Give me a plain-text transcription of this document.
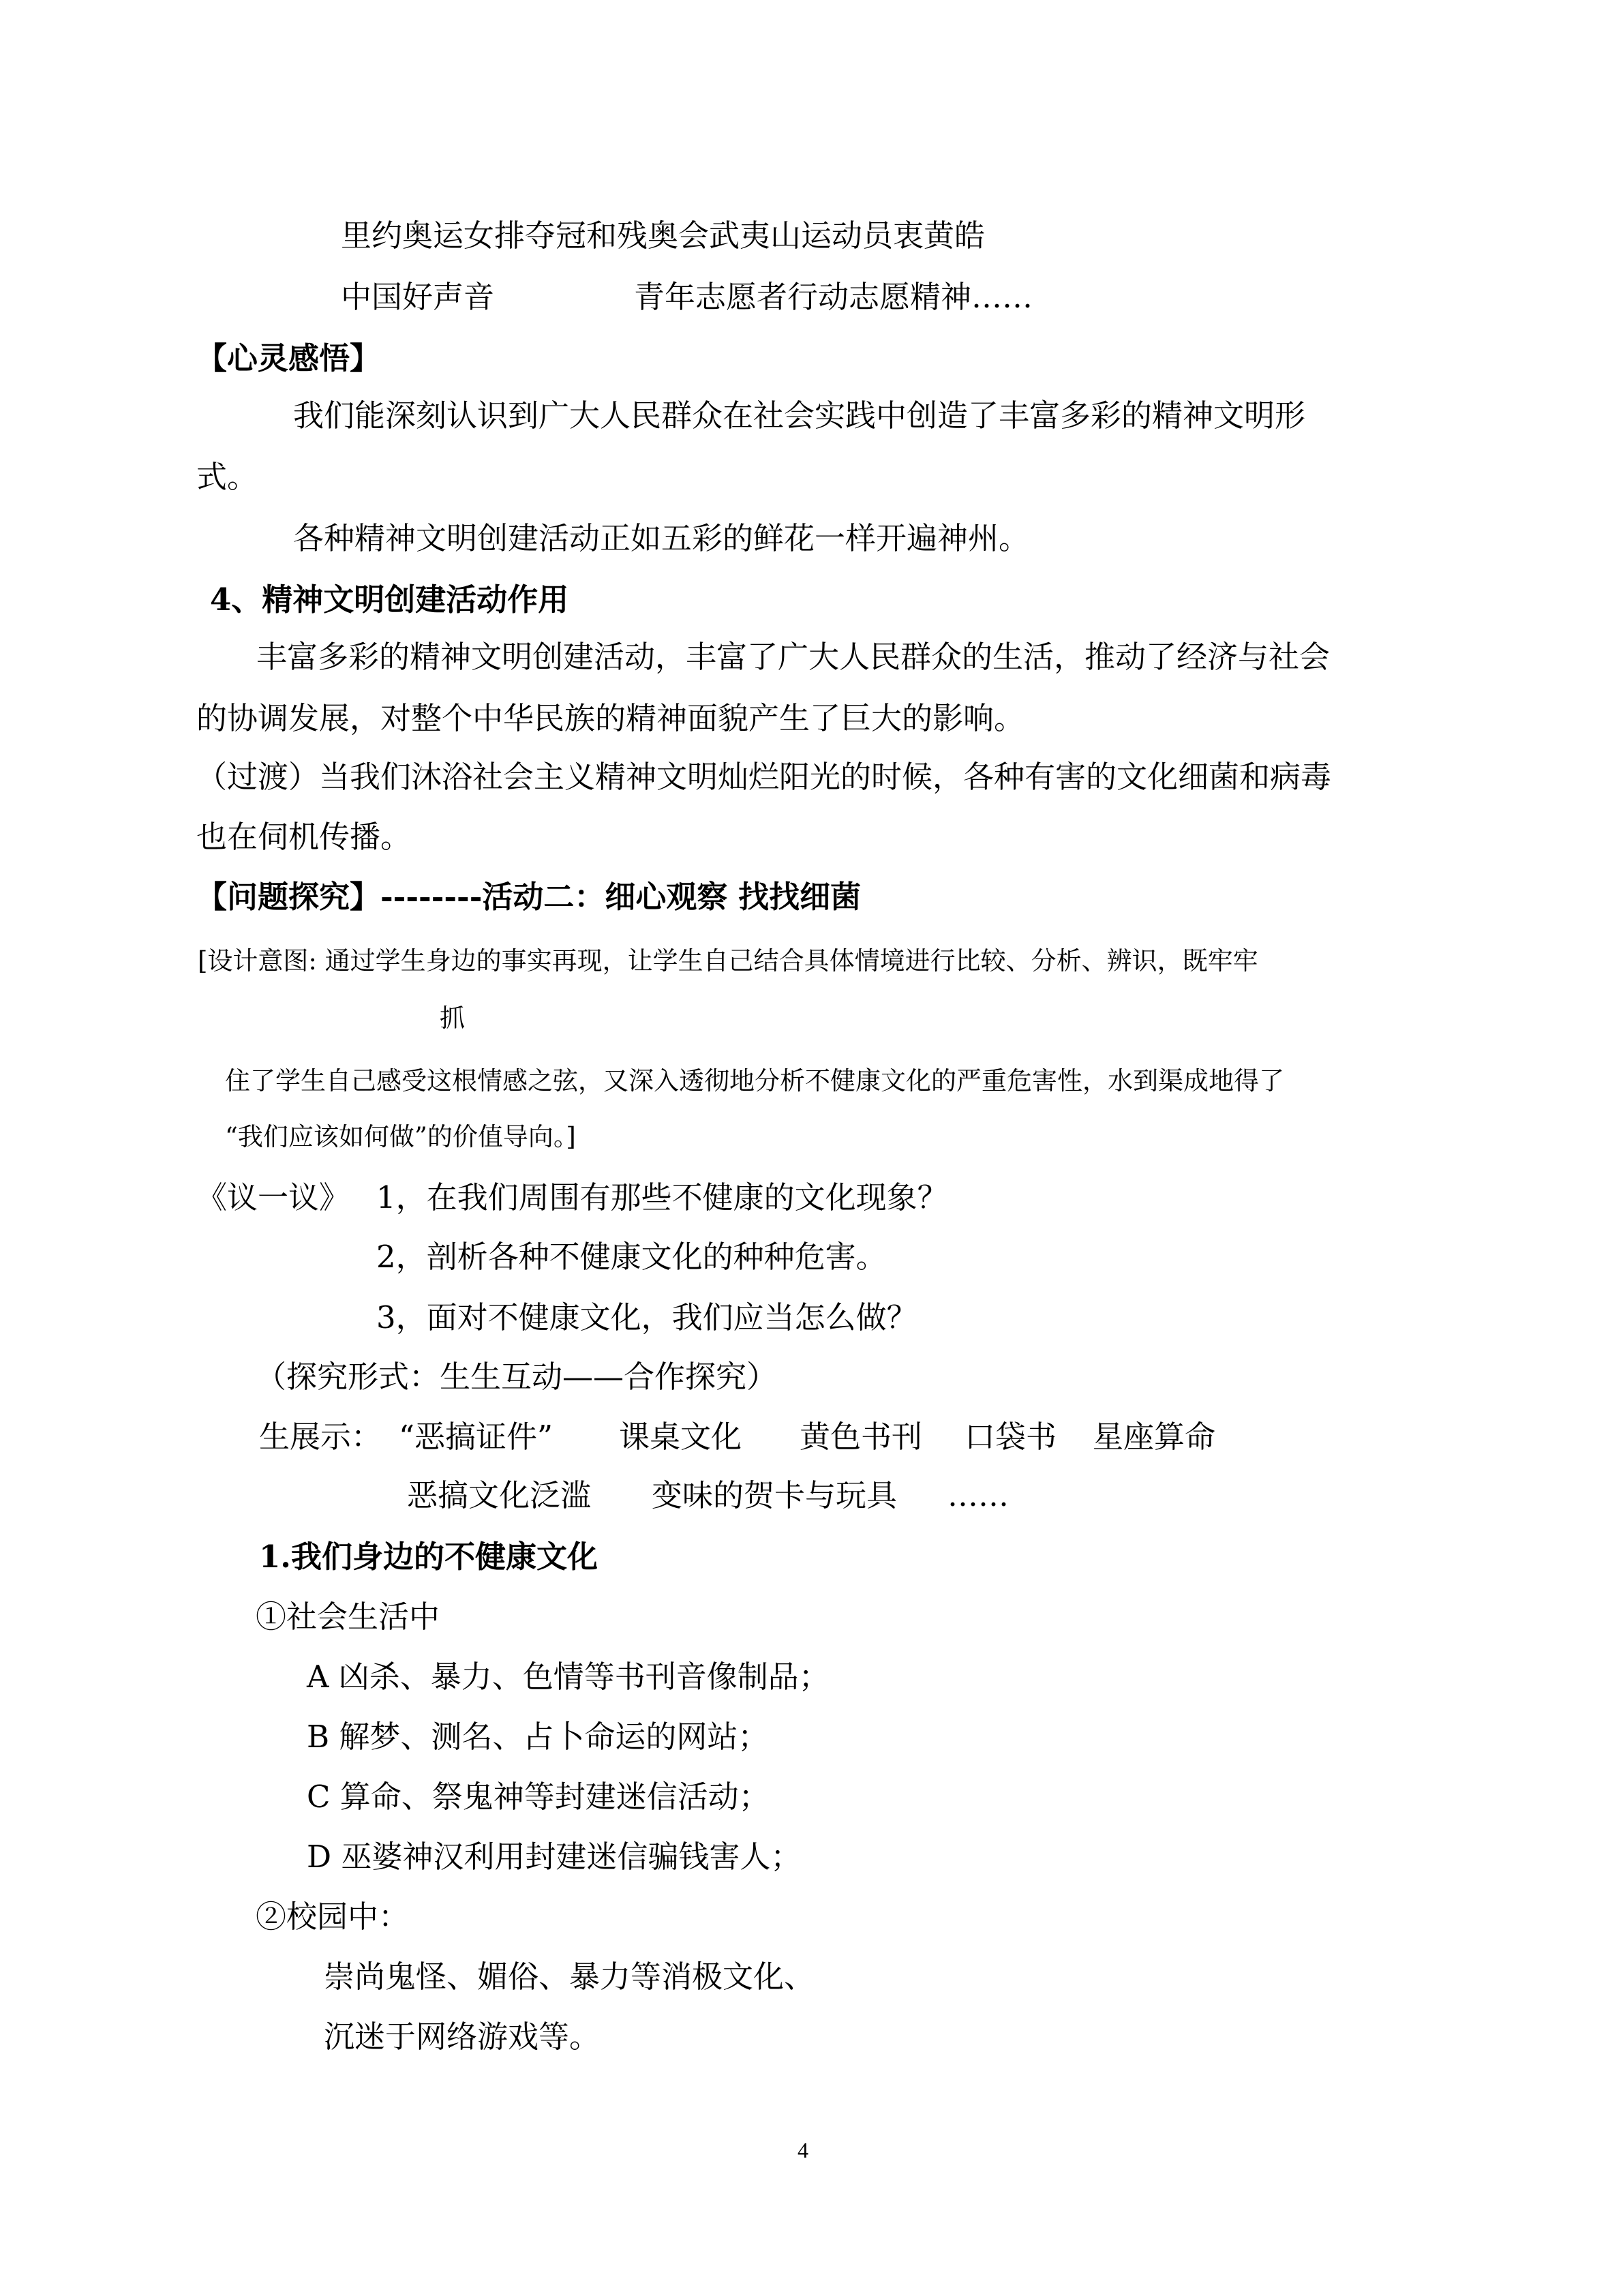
里约奥运女排夺冠和残奥会武夷山运动员衷黄皓
中国好声音	青年志愿者行动志愿精神……
【心灵感悟】
我们能深刻认识到广大人民群众在社会实践中创造了丰富多彩的精神文明形
式。
各种精神文明创建活动正如五彩的鲜花一样开遍神州。
4、精神文明创建活动作用
丰富多彩的精神文明创建活动，丰富了广大人民群众的生活，推动了经济与社会
的协调发展，对整个中华民族的精神面貌产生了巨大的影响。
（过渡）当我们沐浴社会主义精神文明灿烂阳光的时候，各种有害的文化细菌和病毒
也在伺机传播。
【问题探究】--------活动二：细心观察 找找细菌
[设计意图: 通过学生身边的事实再现，让学生自己结合具体情境进行比较、分析、辨识，既牢牢
抓
住了学生自己感受这根情感之弦，又深入透彻地分析不健康文化的严重危害性，水到渠成地得了
“我们应该如何做”的价值导向。]
《议一议》 1，在我们周围有那些不健康的文化现象？
2，剖析各种不健康文化的种种危害。
3，面对不健康文化，我们应当怎么做？
（探究形式：生生互动——合作探究）
生展示： “恶搞证件” 课桌文化 黄色书刊 口袋书 星座算命
恶搞文化泛滥 变味的贺卡与玩具 ……
1.我们身边的不健康文化
①社会生活中
A 凶杀、暴力、色情等书刊音像制品；
B 解梦、测名、占卜命运的网站；
C 算命、祭鬼神等封建迷信活动；
D 巫婆神汉利用封建迷信骗钱害人；
②校园中：
崇尚鬼怪、媚俗、暴力等消极文化、
沉迷于网络游戏等。
4
